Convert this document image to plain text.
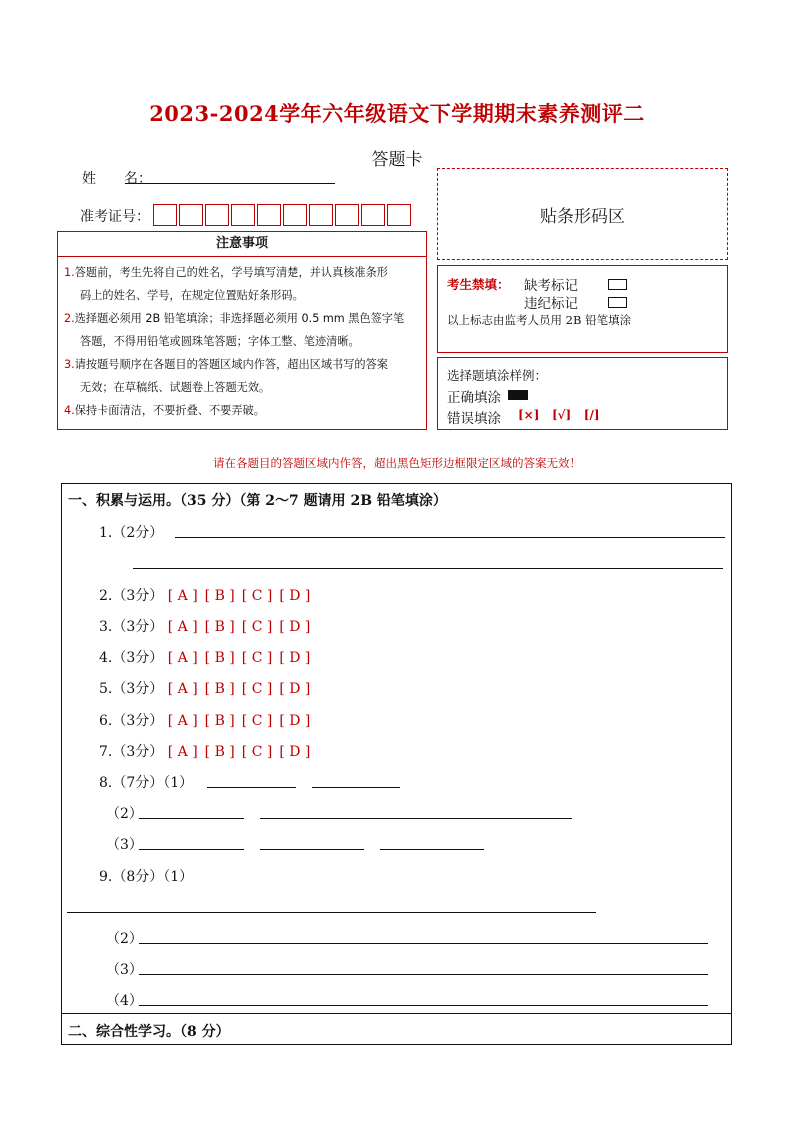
2023-2024学年六年级语文下学期期末素养测评二
答题卡
姓　　名：
准考证号：	贴条形码区
注意事项
1.答题前，考生先将自己的姓名，学号填写清楚，并认真核准条形
码上的姓名、学号，在规定位置贴好条形码。
2.选择题必须用 2B 铅笔填涂；非选择题必须用 0.5 mm 黑色签字笔
答题，不得用铅笔或圆珠笔答题；字体工整、笔迹清晰。
3.请按题号顺序在各题目的答题区域内作答，超出区域书写的答案
无效；在草稿纸、试题卷上答题无效。
4.保持卡面清洁，不要折叠、不要弄破。
考生禁填： 缺考标记
违纪标记
以上标志由监考人员用 2B 铅笔填涂
选择题填涂样例：
正确填涂
错误填涂 [×] [√] [/]
请在各题目的答题区域内作答，超出黑色矩形边框限定区域的答案无效！
一、积累与运用。（35 分）（第 2～7 题请用 2B 铅笔填涂）
1.（2分）
2.（3分） [ A ] [ B ] [ C ] [ D ]
3.（3分） [ A ] [ B ] [ C ] [ D ]
4.（3分） [ A ] [ B ] [ C ] [ D ]
5.（3分） [ A ] [ B ] [ C ] [ D ]
6.（3分） [ A ] [ B ] [ C ] [ D ]
7.（3分） [ A ] [ B ] [ C ] [ D ]
8.（7分）（1）
（2）
（3）
9.（8分）（1）
（2）
（3）
（4）
二、综合性学习。（8 分）
